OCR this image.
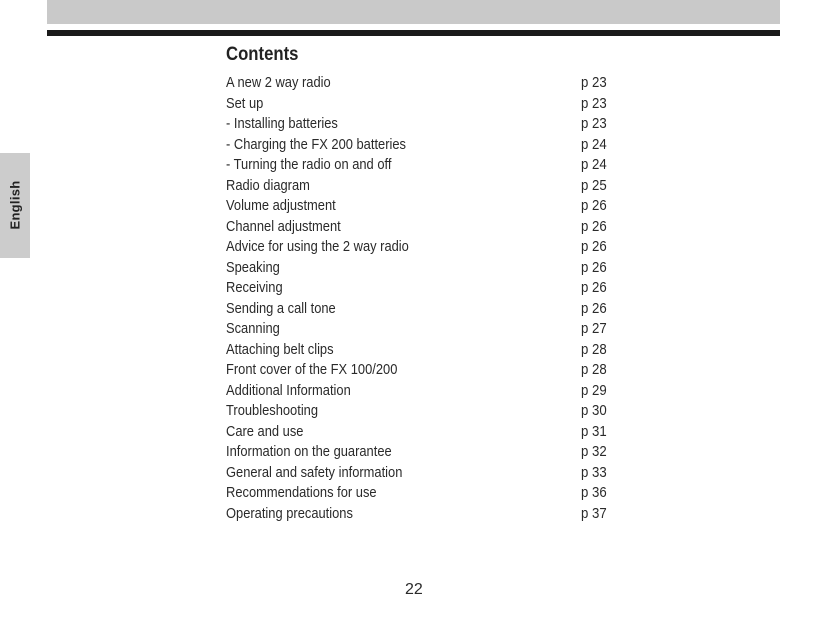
English
Contents
A new 2 way radio	p 23
Set up	p 23
- Installing batteries	p 23
- Charging the FX 200 batteries	p 24
- Turning the radio on and off	p 24
Radio diagram	p 25
Volume adjustment	p 26
Channel adjustment	p 26
Advice for using the 2 way radio	p 26
Speaking	p 26
Receiving	p 26
Sending a call tone	p 26
Scanning	p 27
Attaching belt clips	p 28
Front cover of the FX 100/200	p 28
Additional Information	p 29
Troubleshooting	p 30
Care and use	p 31
Information on the guarantee	p 32
General and safety information	p 33
Recommendations for use	p 36
Operating precautions	p 37
22
